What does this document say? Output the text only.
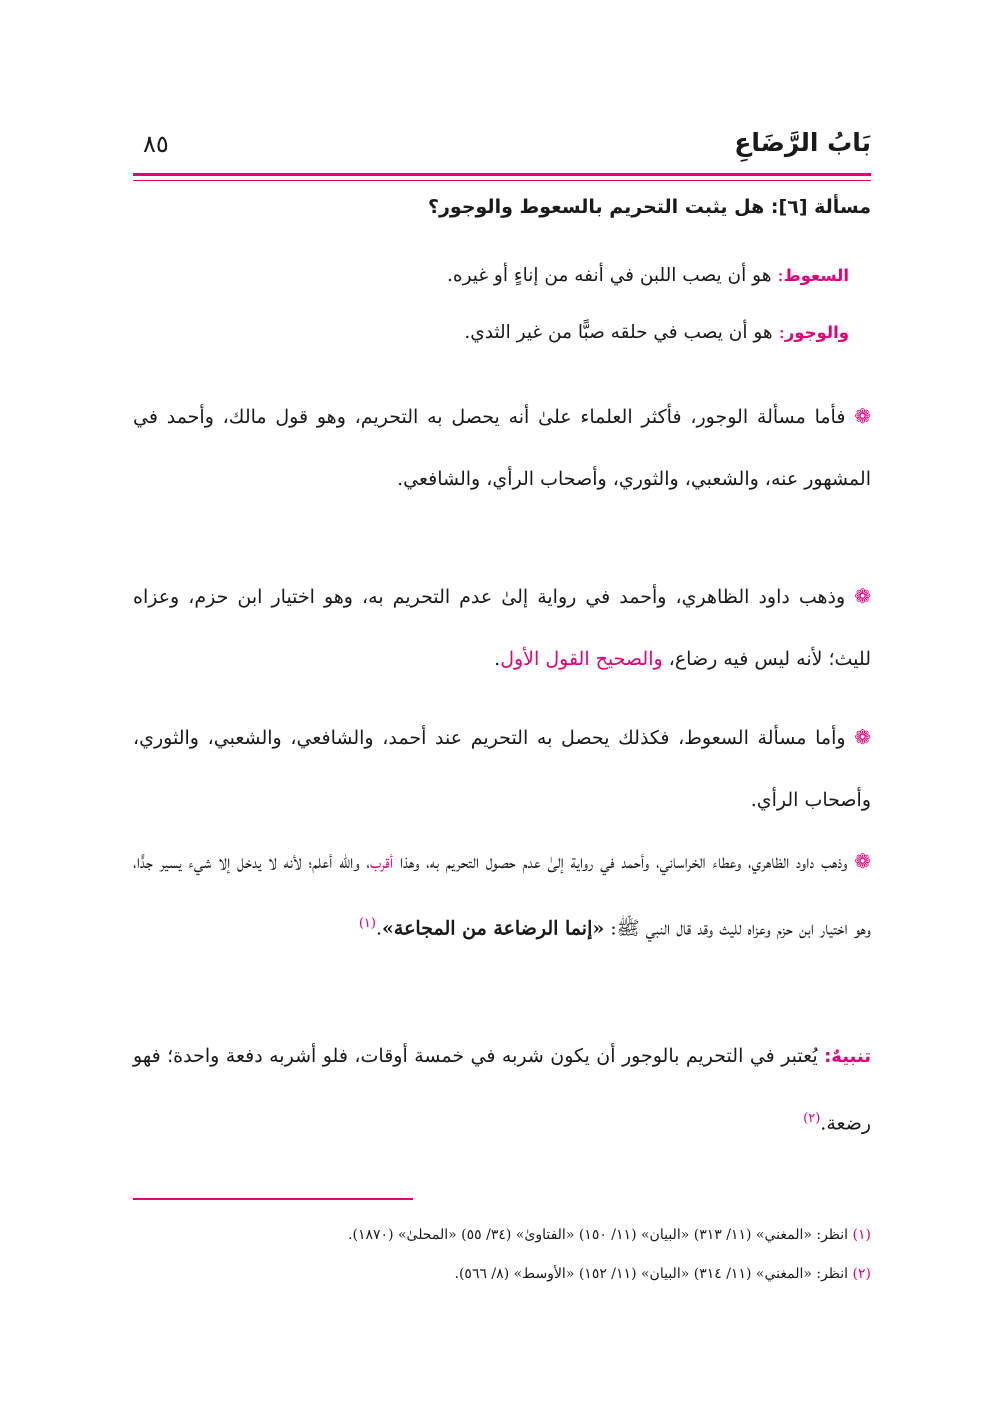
بَابُ الرَّضَاعِ
٨٥
مسألة [٦]: هل يثبت التحريم بالسعوط والوجور؟
السعوط: هو أن يصب اللبن في أنفه من إناءٍ أو غيره.
والوجور: هو أن يصب في حلقه صبًّا من غير الثدي.
❁ فأما مسألة الوجور، فأكثر العلماء علىٰ أنه يحصل به التحريم، وهو قول مالك، وأحمد في المشهور عنه، والشعبي، والثوري، وأصحاب الرأي، والشافعي.
❁ وذهب داود الظاهري، وأحمد في رواية إلىٰ عدم التحريم به، وهو اختيار ابن حزم، وعزاه لليث؛ لأنه ليس فيه رضاع، والصحيح القول الأول.
❁ وأما مسألة السعوط، فكذلك يحصل به التحريم عند أحمد، والشافعي، والشعبي، والثوري، وأصحاب الرأي.
❁ وذهب داود الظاهري، وعطاء الخراساني، وأحمد في رواية إلىٰ عدم حصول التحريم به، وهذا أقرب، والله أعلم؛ لأنه لا يدخل إلا شيء يسير جدًّا، وهو اختيار ابن حزم وعزاه لليث وقد قال النبي ﷺ: «إنما الرضاعة من المجاعة».$^{(١)}$
تنبيهٌ: يُعتبر في التحريم بالوجور أن يكون شربه في خمسة أوقات، فلو أشربه دفعة واحدة؛ فهو رضعة.$^{(٢)}$
(١) انظر: «المغني» (١١/ ٣١٣) «البيان» (١١/ ١٥٠) «الفتاوىٰ» (٣٤/ ٥٥) «المحلىٰ» (١٨٧٠).
(٢) انظر: «المغني» (١١/ ٣١٤) «البيان» (١١/ ١٥٢) «الأوسط» (٨/ ٥٦٦).
